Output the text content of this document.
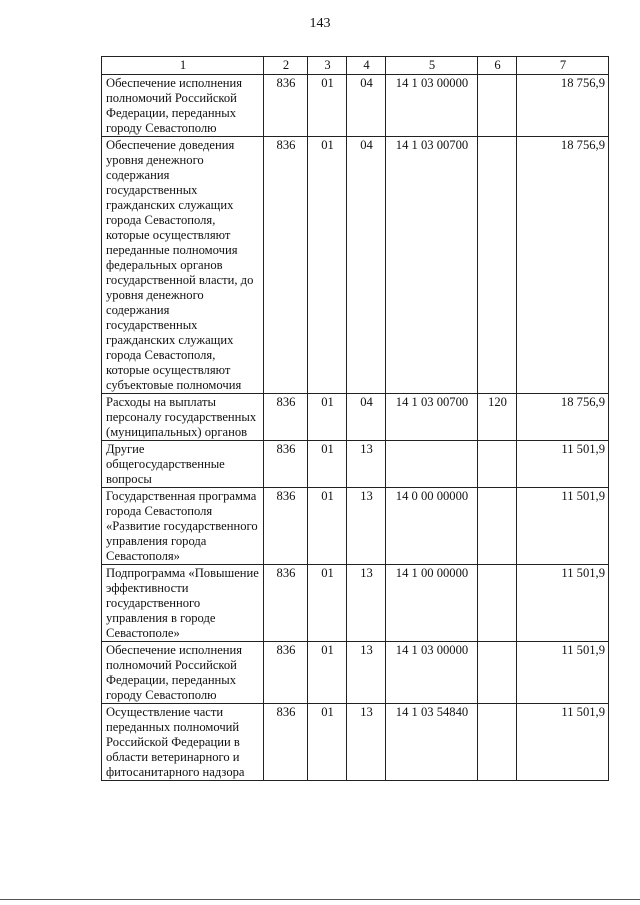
143
1	2	3	4	5	6	7
Обеспечение исполнения полномочий Российской Федерации, переданных городу Севастополю	836	01	04	14 1 03 00000		18 756,9
Обеспечение доведения уровня денежного содержания государственных гражданских служащих города Севастополя, которые осуществляют переданные полномочия федеральных органов государственной власти, до уровня денежного содержания государственных гражданских служащих города Севастополя, которые осуществляют субъектовые полномочия	836	01	04	14 1 03 00700		18 756,9
Расходы на выплаты персоналу государственных (муниципальных) органов	836	01	04	14 1 03 00700	120	18 756,9
Другие общегосударственные вопросы	836	01	13			11 501,9
Государственная программа города Севастополя «Развитие государственного управления города Севастополя»	836	01	13	14 0 00 00000		11 501,9
Подпрограмма «Повышение эффективности государственного управления в городе Севастополе»	836	01	13	14 1 00 00000		11 501,9
Обеспечение исполнения полномочий Российской Федерации, переданных городу Севастополю	836	01	13	14 1 03 00000		11 501,9
Осуществление части переданных полномочий Российской Федерации в области ветеринарного и фитосанитарного надзора	836	01	13	14 1 03 54840		11 501,9
